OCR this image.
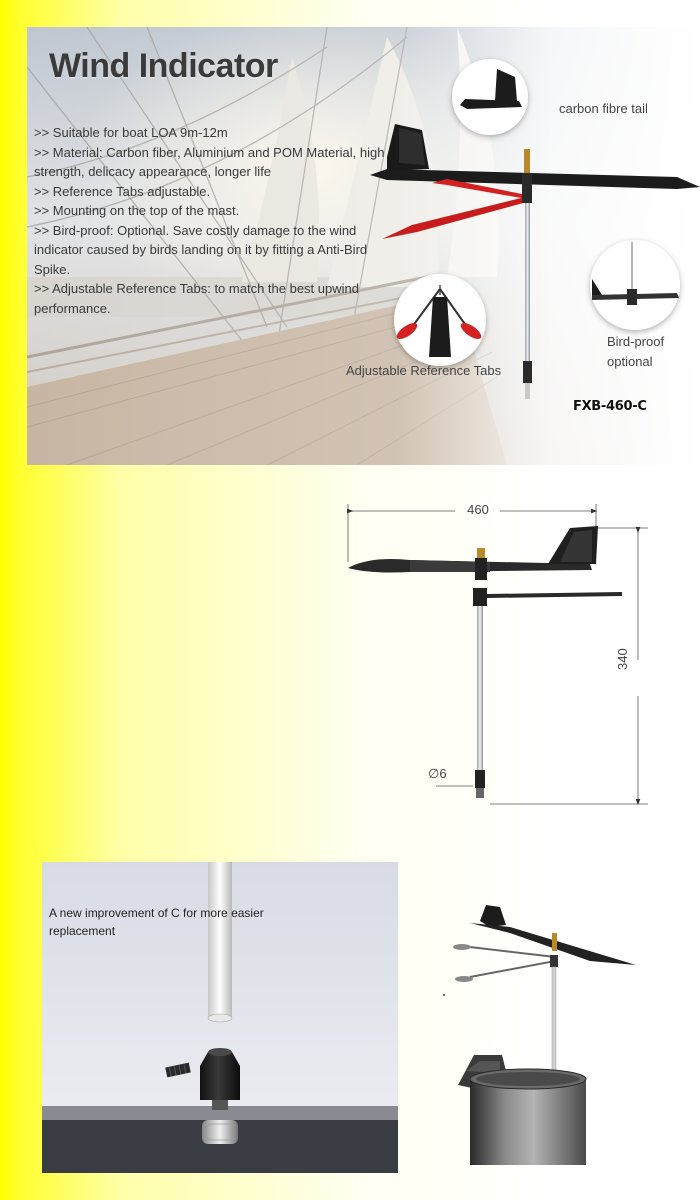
Wind Indicator
>> Suitable for boat LOA 9m-12m
>> Material: Carbon fiber, Aluminium and POM Material, high strength, delicacy appearance, longer life
>> Reference Tabs adjustable.
>> Mounting on the top of the mast.
>> Bird-proof: Optional. Save costly damage to the wind indicator caused by birds landing on it by fitting a Anti-Bird Spike.
>> Adjustable Reference Tabs: to match the best upwind performance.
carbon fibre tail
Adjustable Reference Tabs
Bird-proof optional
FXB-460-C
460
340
∅6
A new improvement of C for more easier replacement
